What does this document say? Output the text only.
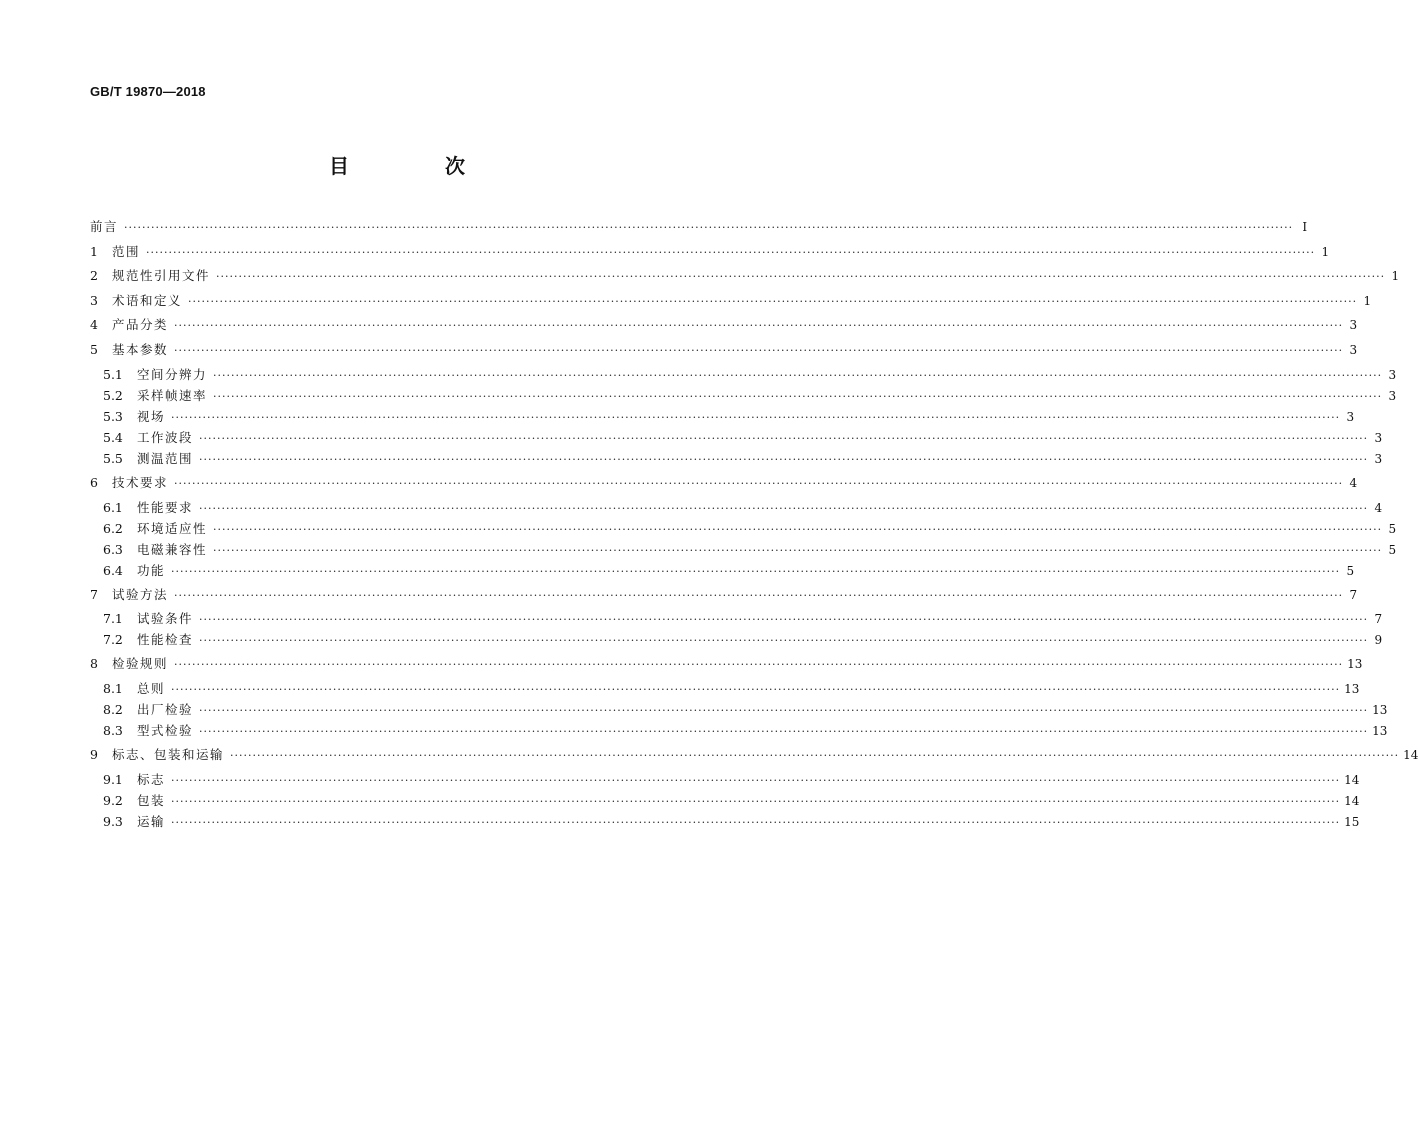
GB/T 19870—2018
目　次
前言 ···································································································································································································································································· Ⅰ
1	范围 ···································································································································································································································································· 1
2	规范性引用文件 ···································································································································································································································································· 1
3	术语和定义 ···································································································································································································································································· 1
4	产品分类 ···································································································································································································································································· 3
5	基本参数 ···································································································································································································································································· 3
5.1	空间分辨力 ···································································································································································································································································· 3
5.2	采样帧速率 ···································································································································································································································································· 3
5.3	视场 ···································································································································································································································································· 3
5.4	工作波段 ···································································································································································································································································· 3
5.5	测温范围 ···································································································································································································································································· 3
6	技术要求 ···································································································································································································································································· 4
6.1	性能要求 ···································································································································································································································································· 4
6.2	环境适应性 ···································································································································································································································································· 5
6.3	电磁兼容性 ···································································································································································································································································· 5
6.4	功能 ···································································································································································································································································· 5
7	试验方法 ···································································································································································································································································· 7
7.1	试验条件 ···································································································································································································································································· 7
7.2	性能检查 ···································································································································································································································································· 9
8	检验规则 ···································································································································································································································································· 13
8.1	总则 ···································································································································································································································································· 13
8.2	出厂检验 ···································································································································································································································································· 13
8.3	型式检验 ···································································································································································································································································· 13
9	标志、包装和运输 ···································································································································································································································································· 14
9.1	标志 ···································································································································································································································································· 14
9.2	包装 ···································································································································································································································································· 14
9.3	运输 ···································································································································································································································································· 15
